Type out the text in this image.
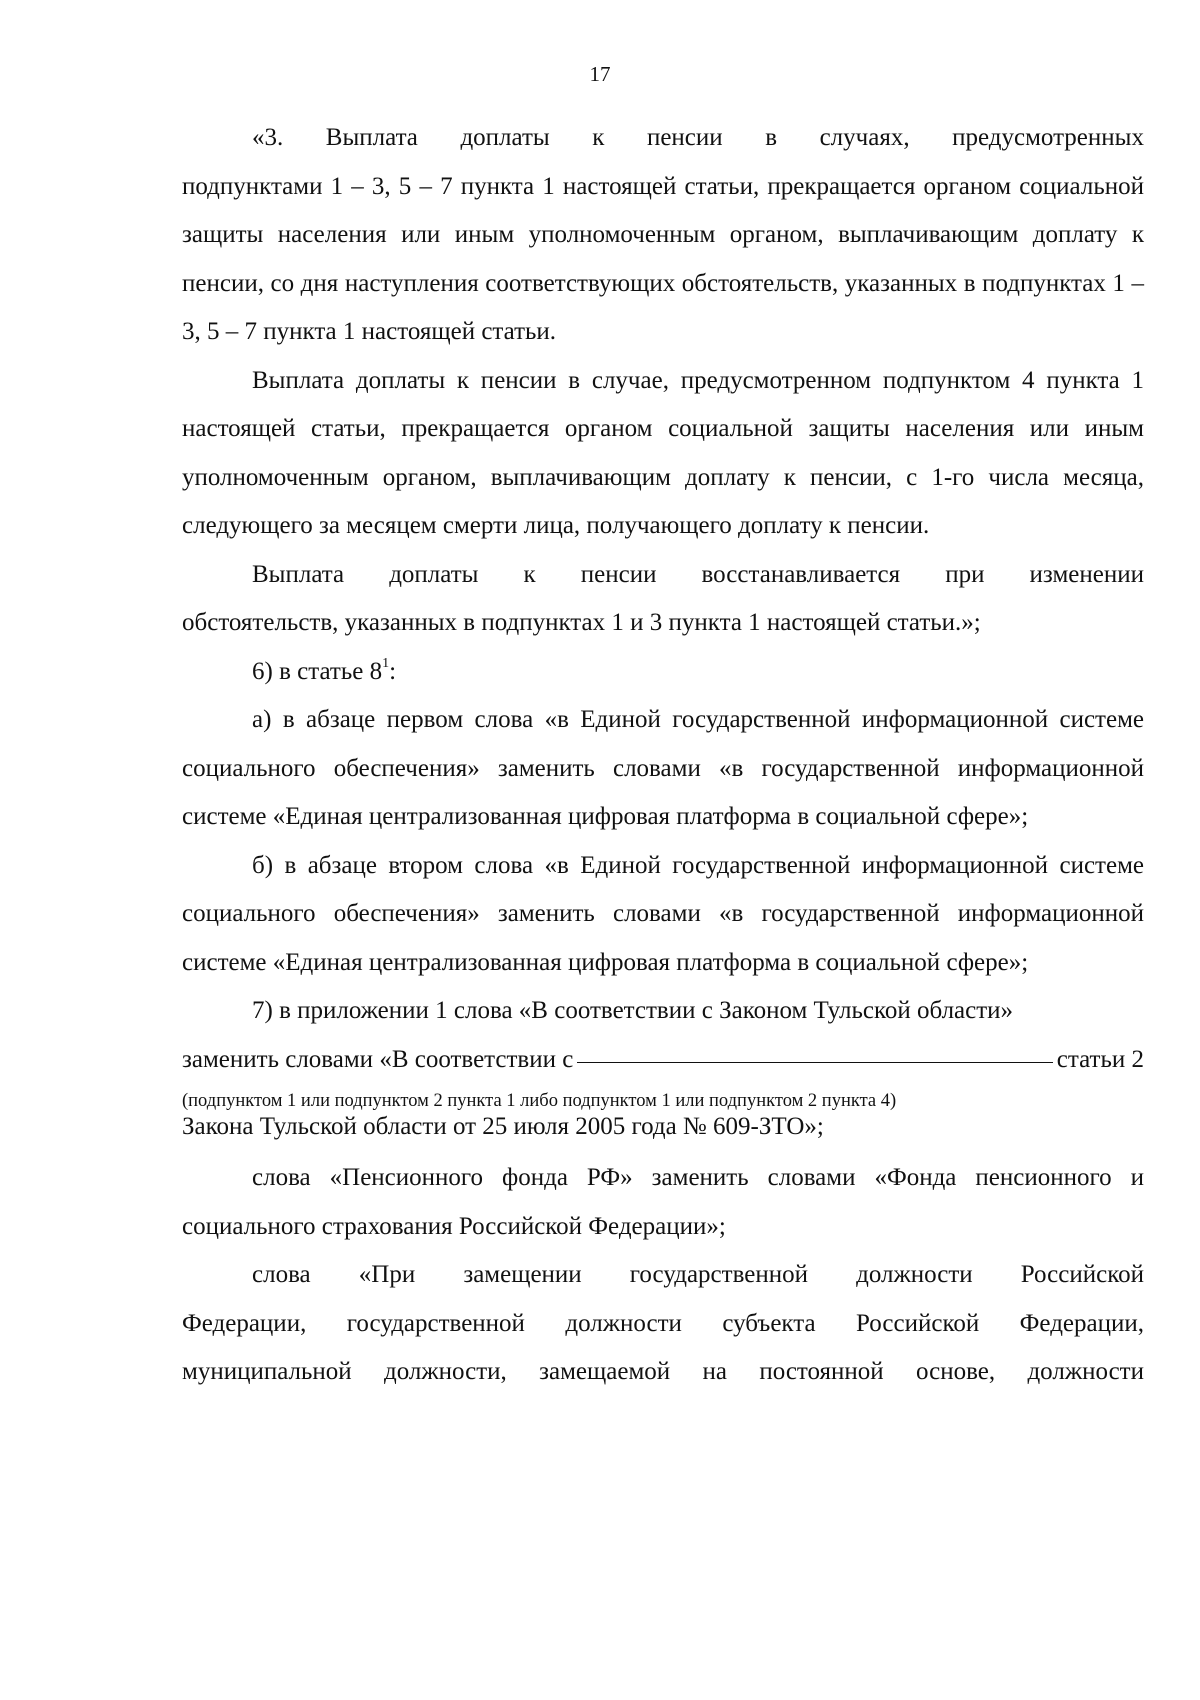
17
«3. Выплата доплаты к пенсии в случаях, предусмотренных

подпунктами 1 – 3, 5 – 7 пункта 1 настоящей статьи, прекращается органом социальной защиты населения или иным уполномоченным органом, выплачивающим доплату к пенсии, со дня наступления соответствующих обстоятельств, указанных в подпунктах 1 – 3, 5 – 7 пункта 1 настоящей статьи.

Выплата доплаты к пенсии в случае, предусмотренном подпунктом 4 пункта 1 настоящей статьи, прекращается органом социальной защиты населения или иным уполномоченным органом, выплачивающим доплату к пенсии, с 1-го числа месяца, следующего за месяцем смерти лица, получающего доплату к пенсии.

Выплата доплаты к пенсии восстанавливается при изменении
обстоятельств, указанных в подпунктах 1 и 3 пункта 1 настоящей статьи.»;
6) в статье $8^1$:

а) в абзаце первом слова «в Единой государственной информационной системе социального обеспечения» заменить словами «в государственной информационной системе «Единая централизованная цифровая платформа в социальной сфере»;

б) в абзаце втором слова «в Единой государственной информационной системе социального обеспечения» заменить словами «в государственной информационной системе «Единая централизованная цифровая платформа в социальной сфере»;

7) в приложении 1 слова «В соответствии с Законом Тульской области»
заменить словами «В соответствии с	статьи 2
(подпунктом 1 или подпунктом 2 пункта 1 либо подпунктом 1 или подпунктом 2 пункта 4)
Закона Тульской области от 25 июля 2005 года № 609-ЗТО»;

слова «Пенсионного фонда РФ» заменить словами «Фонда пенсионного и социального страхования Российской Федерации»;

слова «При замещении государственной должности Российской

Федерации, государственной должности субъекта Российской Федерации, муниципальной должности, замещаемой на постоянной основе, должности
